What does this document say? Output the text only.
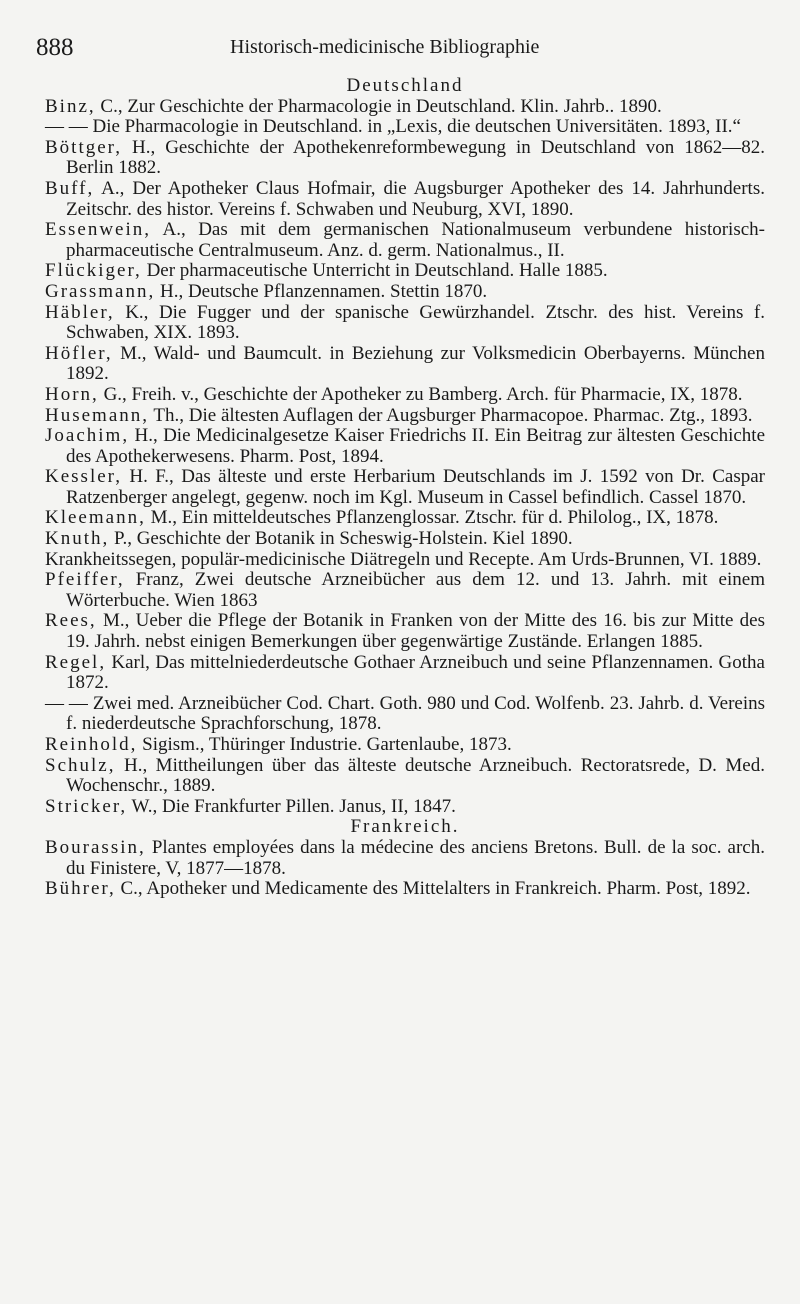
888	Historisch-medicinische Bibliographie
Deutschland
Binz, C., Zur Geschichte der Pharmacologie in Deutschland. Klin. Jahrb.. 1890.
— — Die Pharmacologie in Deutschland. in „Lexis, die deutschen Universitäten. 1893, II.“
Böttger, H., Geschichte der Apothekenreformbewegung in Deutschland von 1862—82. Berlin 1882.
Buff, A., Der Apotheker Claus Hofmair, die Augsburger Apotheker des 14. Jahrhunderts. Zeitschr. des histor. Vereins f. Schwaben und Neuburg, XVI, 1890.
Essenwein, A., Das mit dem germanischen Nationalmuseum verbundene historisch-pharmaceutische Centralmuseum. Anz. d. germ. Nationalmus., II.
Flückiger, Der pharmaceutische Unterricht in Deutschland. Halle 1885.
Grassmann, H., Deutsche Pflanzennamen. Stettin 1870.
Häbler, K., Die Fugger und der spanische Gewürzhandel. Ztschr. des hist. Vereins f. Schwaben, XIX. 1893.
Höfler, M., Wald- und Baumcult. in Beziehung zur Volksmedicin Oberbayerns. München 1892.
Horn, G., Freih. v., Geschichte der Apotheker zu Bamberg. Arch. für Pharmacie, IX, 1878.
Husemann, Th., Die ältesten Auflagen der Augsburger Pharmacopoe. Pharmac. Ztg., 1893.
Joachim, H., Die Medicinalgesetze Kaiser Friedrichs II. Ein Beitrag zur ältesten Geschichte des Apothekerwesens. Pharm. Post, 1894.
Kessler, H. F., Das älteste und erste Herbarium Deutschlands im J. 1592 von Dr. Caspar Ratzenberger angelegt, gegenw. noch im Kgl. Museum in Cassel befindlich. Cassel 1870.
Kleemann, M., Ein mitteldeutsches Pflanzenglossar. Ztschr. für d. Philolog., IX, 1878.
Knuth, P., Geschichte der Botanik in Scheswig-Holstein. Kiel 1890.
Krankheitssegen, populär-medicinische Diätregeln und Recepte. Am Urds-Brunnen, VI. 1889.
Pfeiffer, Franz, Zwei deutsche Arzneibücher aus dem 12. und 13. Jahrh. mit einem Wörterbuche. Wien 1863
Rees, M., Ueber die Pflege der Botanik in Franken von der Mitte des 16. bis zur Mitte des 19. Jahrh. nebst einigen Bemerkungen über gegenwärtige Zustände. Erlangen 1885.
Regel, Karl, Das mittelniederdeutsche Gothaer Arzneibuch und seine Pflanzennamen. Gotha 1872.
— — Zwei med. Arzneibücher Cod. Chart. Goth. 980 und Cod. Wolfenb. 23. Jahrb. d. Vereins f. niederdeutsche Sprachforschung, 1878.
Reinhold, Sigism., Thüringer Industrie. Gartenlaube, 1873.
Schulz, H., Mittheilungen über das älteste deutsche Arzneibuch. Rectoratsrede, D. Med. Wochenschr., 1889.
Stricker, W., Die Frankfurter Pillen. Janus, II, 1847.
Frankreich.
Bourassin, Plantes employées dans la médecine des anciens Bretons. Bull. de la soc. arch. du Finistere, V, 1877—1878.
Bührer, C., Apotheker und Medicamente des Mittelalters in Frankreich. Pharm. Post, 1892.
